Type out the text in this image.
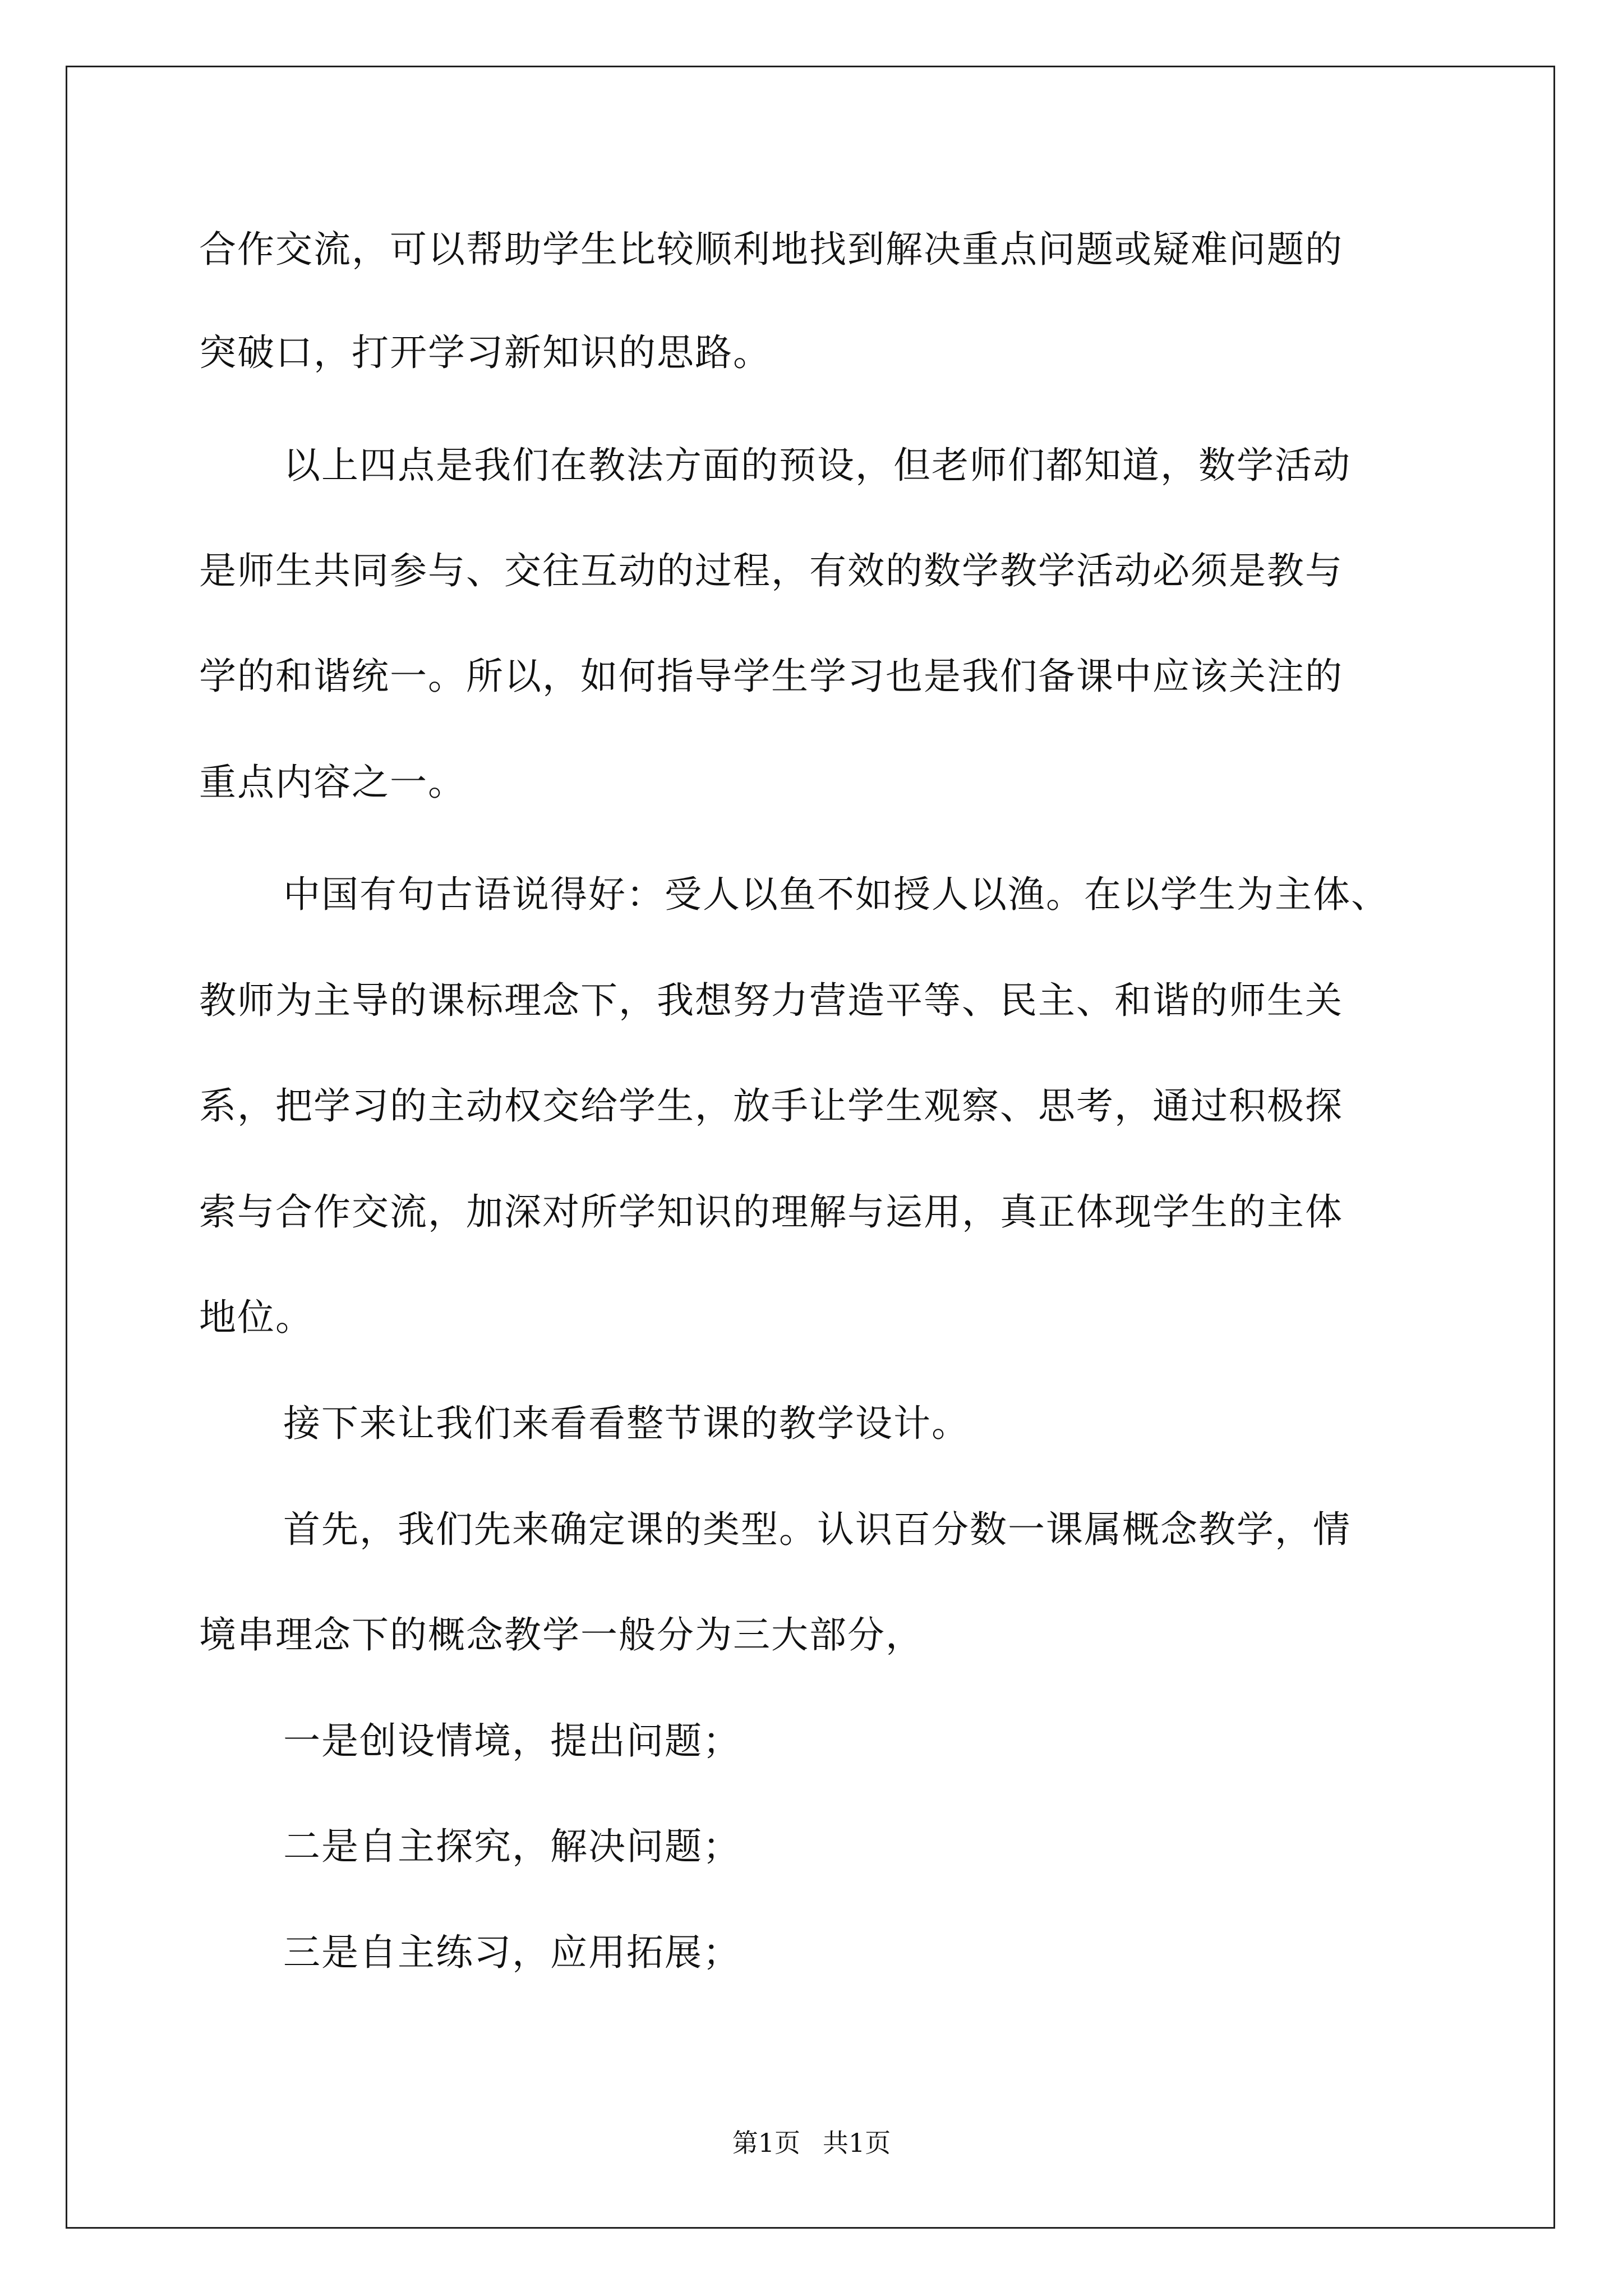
合作交流，可以帮助学生比较顺利地找到解决重点问题或疑难问题的
突破口，打开学习新知识的思路。
以上四点是我们在教法方面的预设，但老师们都知道，数学活动
是师生共同参与、交往互动的过程，有效的数学教学活动必须是教与
学的和谐统一。所以，如何指导学生学习也是我们备课中应该关注的
重点内容之一。
中国有句古语说得好：受人以鱼不如授人以渔。在以学生为主体、
教师为主导的课标理念下，我想努力营造平等、民主、和谐的师生关
系，把学习的主动权交给学生，放手让学生观察、思考，通过积极探
索与合作交流，加深对所学知识的理解与运用，真正体现学生的主体
地位。
接下来让我们来看看整节课的教学设计。
首先，我们先来确定课的类型。认识百分数一课属概念教学，情
境串理念下的概念教学一般分为三大部分，
一是创设情境，提出问题；
二是自主探究，解决问题；
三是自主练习，应用拓展；
第1页 共1页
